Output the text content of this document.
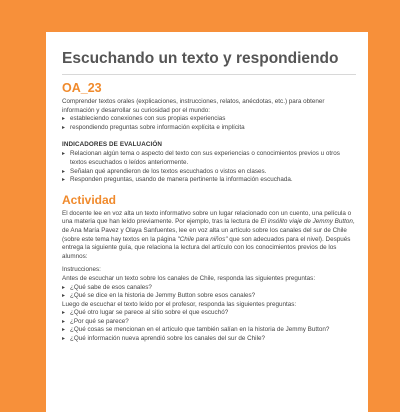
Escuchando un texto y respondiendo
OA_23

Comprender textos orales (explicaciones, instrucciones, relatos, anécdotas, etc.) para obtener información y desarrollar su curiosidad por el mundo:

▸ estableciendo conexiones con sus propias experiencias
▸ respondiendo preguntas sobre información explícita e implícita
INDICADORES DE EVALUACIÓN
▸ Relacionan algún tema o aspecto del texto con sus experiencias o conocimientos previos u otros textos escuchados o leídos anteriormente.
▸ Señalan qué aprendieron de los textos escuchados o vistos en clases.
▸ Responden preguntas, usando de manera pertinente la información escuchada.
Actividad

El docente lee en voz alta un texto informativo sobre un lugar relacionado con un cuento, una película o una materia que han leído previamente. Por ejemplo, tras la lectura de El insólito viaje de Jemmy Button, de Ana María Pavez y Olaya Sanfuentes, lee en voz alta un artículo sobre los canales del sur de Chile (sobre este tema hay textos en la página "Chile para niños" que son adecuados para el nivel). Después entrega la siguiente guía, que relaciona la lectura del artículo con los conocimientos previos de los alumnos:

Instrucciones:

Antes de escuchar un texto sobre los canales de Chile, responda las siguientes preguntas:

▸ ¿Qué sabe de esos canales?
▸ ¿Qué se dice en la historia de Jemmy Button sobre esos canales?

Luego de escuchar el texto leído por el profesor, responda las siguientes preguntas:

▸ ¿Qué otro lugar se parece al sitio sobre el que escuchó?
▸ ¿Por qué se parece?
▸ ¿Qué cosas se mencionan en el artículo que también salían en la historia de Jemmy Button?
▸ ¿Qué información nueva aprendió sobre los canales del sur de Chile?
